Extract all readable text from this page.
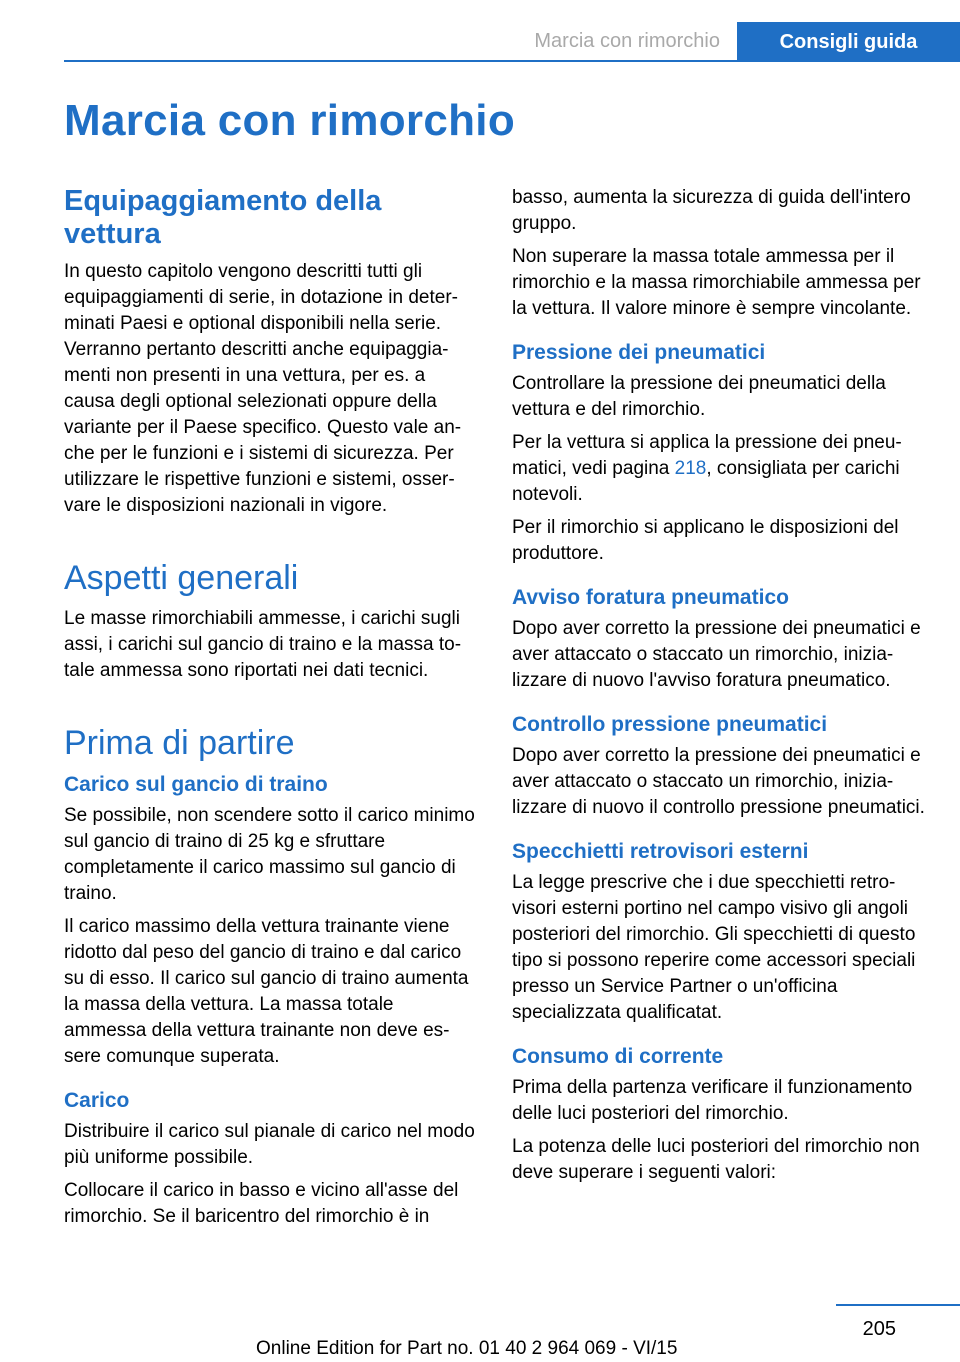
Marcia con rimorchio	Consigli guida
Marcia con rimorchio
Equipaggiamento della vettura

In questo capitolo vengono descritti tutti gli equipaggiamenti di serie, in dotazione in determinati Paesi e optional disponibili nella serie. Verranno pertanto descritti anche equipaggiamenti non presenti in una vettura, per es. a causa degli optional selezionati oppure della variante per il Paese specifico. Questo vale anche per le funzioni e i sistemi di sicurezza. Per utilizzare le rispettive funzioni e sistemi, osservare le disposizioni nazionali in vigore.

Aspetti generali

Le masse rimorchiabili ammesse, i carichi sugli assi, i carichi sul gancio di traino e la massa totale ammessa sono riportati nei dati tecnici.

Prima di partire
Carico sul gancio di traino

Se possibile, non scendere sotto il carico minimo sul gancio di traino di 25 kg e sfruttare completamente il carico massimo sul gancio di traino.

Il carico massimo della vettura trainante viene ridotto dal peso del gancio di traino e dal carico su di esso. Il carico sul gancio di traino aumenta la massa della vettura. La massa totale ammessa della vettura trainante non deve essere comunque superata.

Carico

Distribuire il carico sul pianale di carico nel modo più uniforme possibile.

Collocare il carico in basso e vicino all'asse del rimorchio. Se il baricentro del rimorchio è in

basso, aumenta la sicurezza di guida dell'intero gruppo.

Non superare la massa totale ammessa per il rimorchio e la massa rimorchiabile ammessa per la vettura. Il valore minore è sempre vincolante.

Pressione dei pneumatici

Controllare la pressione dei pneumatici della vettura e del rimorchio.

Per la vettura si applica la pressione dei pneumatici, vedi pagina 218, consigliata per carichi notevoli.

Per il rimorchio si applicano le disposizioni del produttore.

Avviso foratura pneumatico

Dopo aver corretto la pressione dei pneumatici e aver attaccato o staccato un rimorchio, inizializzare di nuovo l'avviso foratura pneumatico.

Controllo pressione pneumatici

Dopo aver corretto la pressione dei pneumatici e aver attaccato o staccato un rimorchio, inizializzare di nuovo il controllo pressione pneumatici.

Specchietti retrovisori esterni

La legge prescrive che i due specchietti retrovisori esterni portino nel campo visivo gli angoli posteriori del rimorchio. Gli specchietti di questo tipo si possono reperire come accessori speciali presso un Service Partner o un'officina specializzata qualificatat.

Consumo di corrente

Prima della partenza verificare il funzionamento delle luci posteriori del rimorchio.

La potenza delle luci posteriori del rimorchio non deve superare i seguenti valori:

205
Online Edition for Part no. 01 40 2 964 069 - VI/15
